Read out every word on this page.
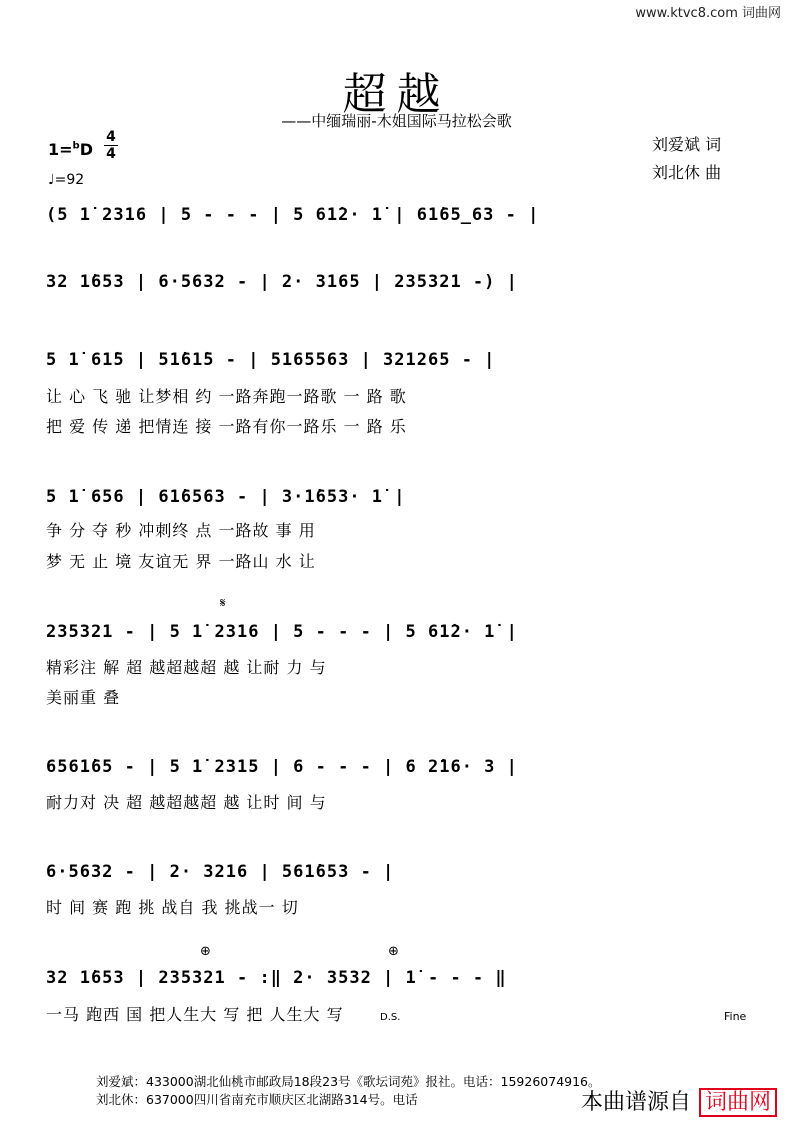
www.ktvc8.com 词曲网
超越
——中缅瑞丽-木姐国际马拉松会歌
1=$^b$D
4
4
♩=92
刘爱斌 词
刘北休 曲
(5 1̇ 2316 | 5 - - - | 5 61̇2· 1̇ | 61̇65̲63 - |
32 1̇653 | 6·5632 - | 2· 3165 | 235321 -) |
5 1̇ 61̇5 | 51̇61̇5 - | 5165563 | 321265 - |
让 心 飞 驰 让梦相 约 一路奔跑一路歌 一 路 歌
把 爱 传 递 把情连 接 一路有你一路乐 一 路 乐
5 1̇ 656 | 61̇6563 - | 3·1̇653· 1̇ |
争 分 夺 秒 冲刺终 点 一路故 事 用
梦 无 止 境 友谊无 界 一路山 水 让
𝄋
235321 - | 5 1̇ 2316 | 5 - - - | 5 61̇2· 1̇ |
精彩注 解 超 越超越超 越 让耐 力 与
美丽重 叠
6561̇65 - | 5 1̇ 2315 | 6 - - - | 6 2̇16· 3 |
耐力对 决 超 越超越超 越 让时 间 与
6·5632 - | 2· 3216 | 561̇653 - |
时 间 赛 跑 挑 战自 我 挑战一 切
⊕	⊕
32 1̇653 | 235321 - :‖ 2· 3532 | 1̇ - - - ‖
一马 跑西 国 把人生大 写 把 人生大 写	D.S.	Fine
刘爱斌：433000湖北仙桃市邮政局18段23号《歌坛词苑》报社。电话：15926074916。
刘北休：637000四川省南充市顺庆区北湖路314号。电话	本曲谱源自 词曲网
